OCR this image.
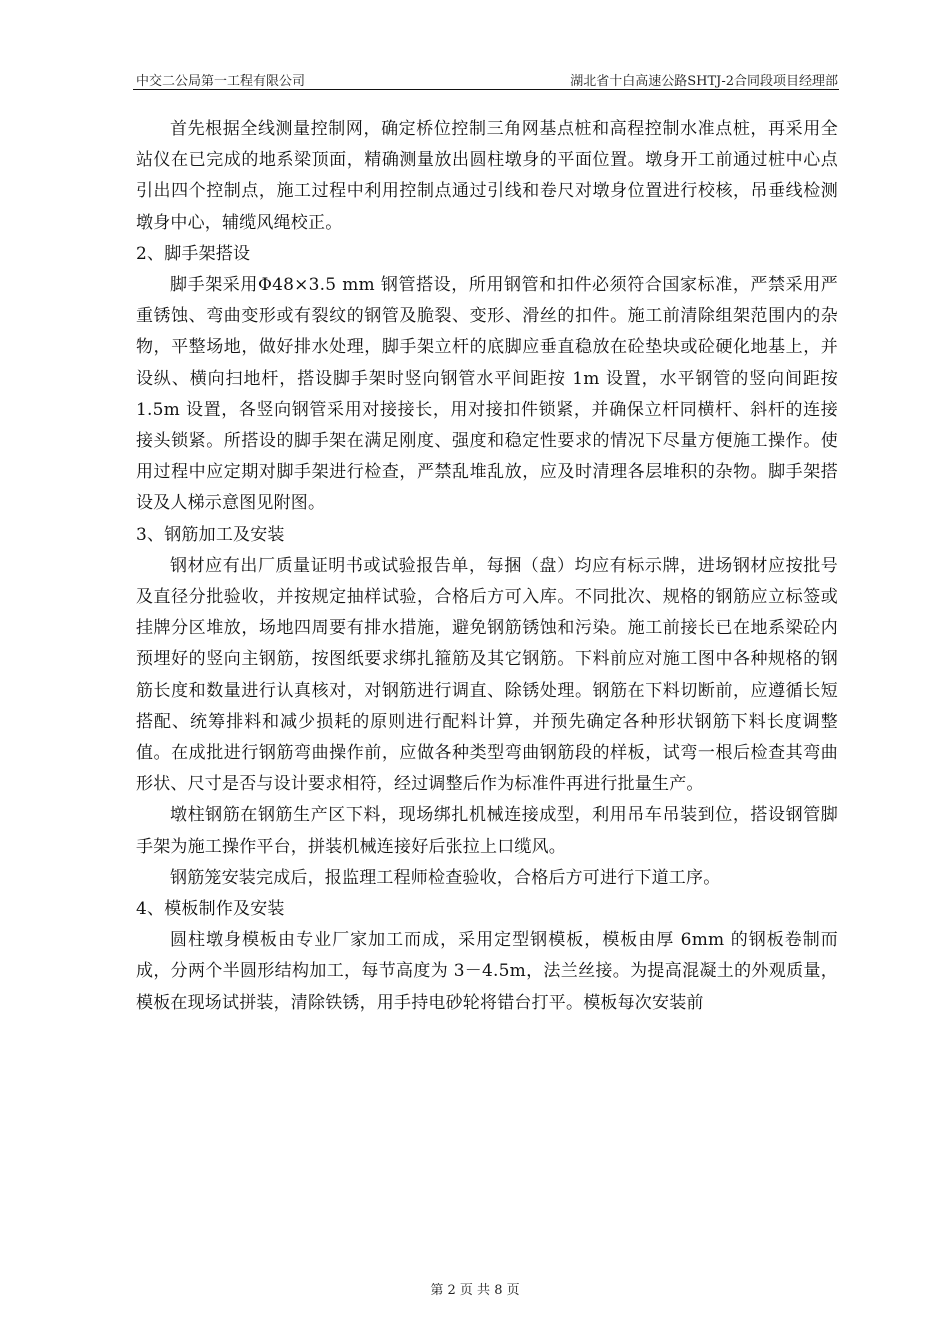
中交二公局第一工程有限公司	湖北省十白高速公路SHTJ-2合同段项目经理部

首先根据全线测量控制网，确定桥位控制三角网基点桩和高程控制水准点桩，再采用全站仪在已完成的地系梁顶面，精确测量放出圆柱墩身的平面位置。墩身开工前通过桩中心点引出四个控制点，施工过程中利用控制点通过引线和卷尺对墩身位置进行校核，吊垂线检测墩身中心，辅缆风绳校正。

2、脚手架搭设

脚手架采用Φ48×3.5 mm 钢管搭设，所用钢管和扣件必须符合国家标准，严禁采用严重锈蚀、弯曲变形或有裂纹的钢管及脆裂、变形、滑丝的扣件。施工前清除组架范围内的杂物，平整场地，做好排水处理，脚手架立杆的底脚应垂直稳放在砼垫块或砼硬化地基上，并设纵、横向扫地杆，搭设脚手架时竖向钢管水平间距按 1m 设置，水平钢管的竖向间距按 1.5m 设置，各竖向钢管采用对接接长，用对接扣件锁紧，并确保立杆同横杆、斜杆的连接接头锁紧。所搭设的脚手架在满足刚度、强度和稳定性要求的情况下尽量方便施工操作。使用过程中应定期对脚手架进行检查，严禁乱堆乱放，应及时清理各层堆积的杂物。脚手架搭设及人梯示意图见附图。

3、钢筋加工及安装

钢材应有出厂质量证明书或试验报告单，每捆（盘）均应有标示牌，进场钢材应按批号及直径分批验收，并按规定抽样试验，合格后方可入库。不同批次、规格的钢筋应立标签或挂牌分区堆放，场地四周要有排水措施，避免钢筋锈蚀和污染。施工前接长已在地系梁砼内预埋好的竖向主钢筋，按图纸要求绑扎箍筋及其它钢筋。下料前应对施工图中各种规格的钢筋长度和数量进行认真核对，对钢筋进行调直、除锈处理。钢筋在下料切断前，应遵循长短搭配、统筹排料和减少损耗的原则进行配料计算，并预先确定各种形状钢筋下料长度调整值。在成批进行钢筋弯曲操作前，应做各种类型弯曲钢筋段的样板，试弯一根后检查其弯曲形状、尺寸是否与设计要求相符，经过调整后作为标准件再进行批量生产。

墩柱钢筋在钢筋生产区下料，现场绑扎机械连接成型，利用吊车吊装到位，搭设钢管脚手架为施工操作平台，拼装机械连接好后张拉上口缆风。

钢筋笼安装完成后，报监理工程师检查验收，合格后方可进行下道工序。

4、模板制作及安装

圆柱墩身模板由专业厂家加工而成，采用定型钢模板，模板由厚 6mm 的钢板卷制而成，分两个半圆形结构加工，每节高度为 3－4.5m，法兰丝接。为提高混凝土的外观质量，模板在现场试拼装，清除铁锈，用手持电砂轮将错台打平。模板每次安装前

第 2 页 共 8 页
